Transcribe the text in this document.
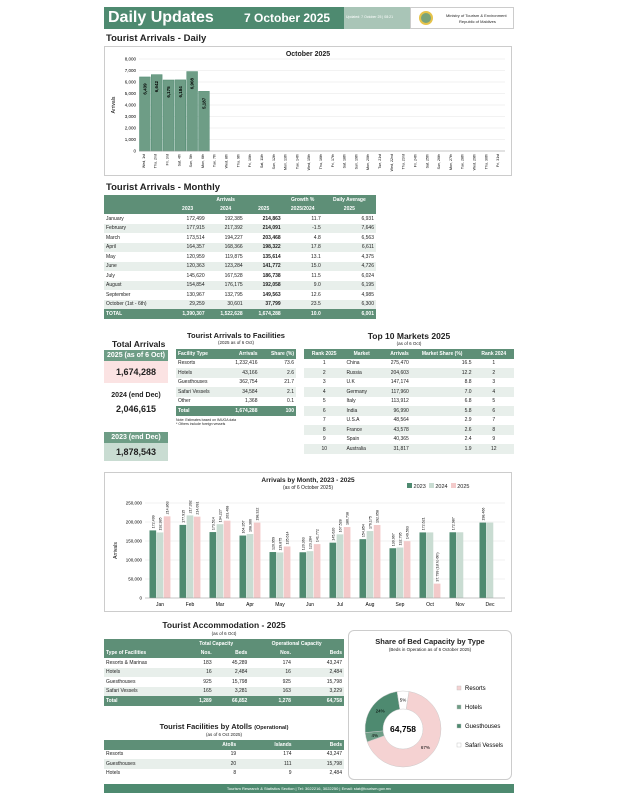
Daily Updates	7 October 2025	Updated: 7 October 25 | 08:21	Ministry of Tourism & Environment
Republic of Maldives
Tourist Arrivals - Daily
October 2025
8,000
7,000
6,000
5,000
4,000
3,000
2,000
1,000
0
Arrivals
Wed, 1st
6,439
Thu, 2nd
6,642
Fri, 3rd
6,175
Sat, 4th
6,184
Sun, 5th
6,908
Mon, 6th
5,187
Tue, 7th Wed, 8th Thu, 9th Fri, 10th Sat, 11th Sun, 12th Mon, 13th Tue, 14th Wed, 15th Thu, 16th Fri, 17th Sat, 18th Sun, 19th Mon, 20th Tue, 21st Wed, 22nd Thu, 23rd Fri, 24th Sat, 25th Sun, 26th Mon, 27th Tue, 28th Wed, 29th Thu, 30th Fri, 31st
Tourist Arrivals - Monthly
		Arrivals		Growth %	Daily Average
	2023	2024	2025	2025/2024	2025
January	172,499	192,385	214,863	11.7	6,931
February	177,915	217,392	214,091	-1.5	7,646
March	173,514	194,227	203,468	4.8	6,563
April	164,357	168,366	198,322	17.8	6,611
May	120,959	119,875	135,614	13.1	4,375
June	120,363	123,284	141,772	15.0	4,726
July	145,620	167,528	186,738	11.5	6,024
August	154,854	176,175	192,058	9.0	6,195
September	130,967	132,795	149,563	12.6	4,985
October (1st - 6th)	29,259	30,601	37,799	23.5	6,300
TOTAL	1,390,307	1,522,628	1,674,288	10.0	6,001
Total Arrivals
2025 (as of 6 Oct)
1,674,288
2024 (end Dec)
2,046,615
2023 (end Dec)
1,878,543
Tourist Arrivals to Facilities
(2025 as of 6 Oct)
Facility Type	Arrivals	Share (%)
Resorts	1,232,416	73.6
Hotels	43,166	2.6
Guesthouses	362,754	21.7
Safari Vessels	34,584	2.1
Other	1,368	0.1
Total	1,674,288	100
Note: Estimates based on IMUGA data
* Others include foreign vessels
Top 10 Markets 2025
(as of 6 Oct)
Rank 2025	Market	Arrivals	Market Share (%)	Rank 2024
1	China	275,470	16.5	1
2	Russia	204,603	12.2	2
3	U.K	147,174	8.8	3
4	Germany	117,960	7.0	4
5	Italy	113,912	6.8	5
6	India	96,990	5.8	6
7	U.S.A	48,564	2.9	7
8	France	43,578	2.6	8
9	Spain	40,365	2.4	9
10	Australia	31,817	1.9	12
Arrivals by Month, 2023 - 2025
(as of 6 October 2025)	2023 2024 2025
250,000
200,000
150,000
100,000
50,000
0
Arrivals
Jan
172,499 192,385
214,863
Feb
177,915
217,392 214,091
Mar
173,514
194,227 203,468
Apr
164,357 168,366
198,322
May
120,959 119,875 135,614
Jun
120,363 123,284
141,772
Jul
145,620
167,528
186,738
Aug
154,854
176,175 192,058
Sep
130,967 132,795 149,563
Oct
172,621
37,799 (1st to 6th)
Nov
172,987
Dec
198,466
Tourist Accommodation - 2025
(as of 6 Oct)
	Total Capacity		Operational Capacity	
Type of Facilities	Nos.	Beds	Nos.	Beds
Resorts & Marinas	183	45,289	174	43,247
Hotels	16	2,484	16	2,484
Guesthouses	925	15,798	925	15,798
Safari Vessels	165	3,281	163	3,229
Total	1,289	66,852	1,278	64,758
Tourist Facilities by Atolls (Operational)
(as of 6 Oct 2025)
	Atolls	Islands	Beds
Resorts	19	174	43,247
Guesthouses	20	111	15,798
Hotels	8	9	2,484
Share of Bed Capacity by Type
(Beds in Operation as of 6 October 2025)
67%
4%
24%
5%
64,758
Resorts
Hotels
Guesthouses
Safari Vessels
Tourism Research & Statistics Section | Tel: 3022216, 3022250 | Email: stat@tourism.gov.mv
